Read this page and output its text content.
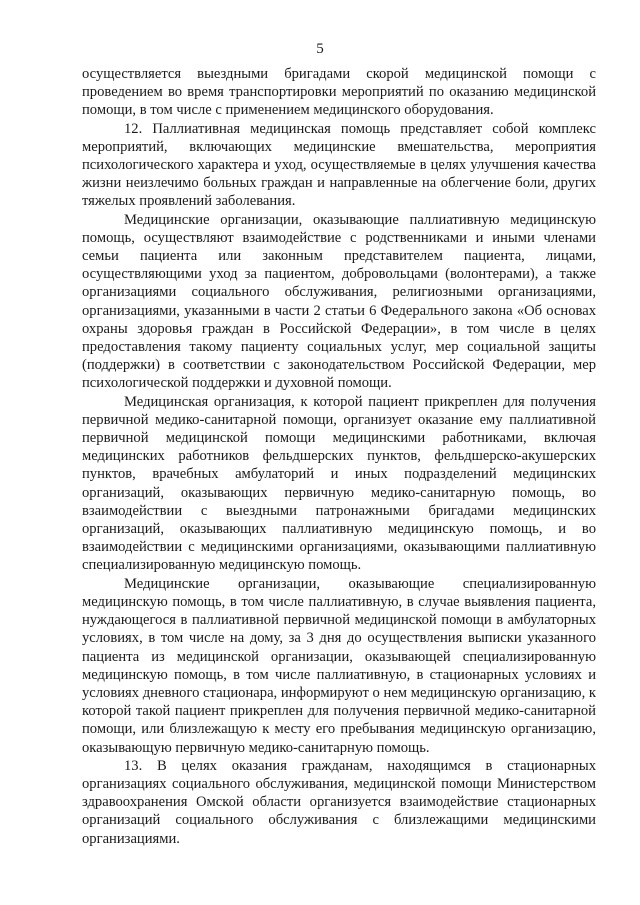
5

осуществляется выездными бригадами скорой медицинской помощи с проведением во время транспортировки мероприятий по оказанию медицинской помощи, в том числе с применением медицинского оборудования.

12. Паллиативная медицинская помощь представляет собой комплекс мероприятий, включающих медицинские вмешательства, мероприятия психологического характера и уход, осуществляемые в целях улучшения качества жизни неизлечимо больных граждан и направленные на облегчение боли, других тяжелых проявлений заболевания.

Медицинские организации, оказывающие паллиативную медицинскую помощь, осуществляют взаимодействие с родственниками и иными членами семьи пациента или законным представителем пациента, лицами, осуществляющими уход за пациентом, добровольцами (волонтерами), а также организациями социального обслуживания, религиозными организациями, организациями, указанными в части 2 статьи 6 Федерального закона «Об основах охраны здоровья граждан в Российской Федерации», в том числе в целях предоставления такому пациенту социальных услуг, мер социальной защиты (поддержки) в соответствии с законодательством Российской Федерации, мер психологической поддержки и духовной помощи.

Медицинская организация, к которой пациент прикреплен для получения первичной медико-санитарной помощи, организует оказание ему паллиативной первичной медицинской помощи медицинскими работниками, включая медицинских работников фельдшерских пунктов, фельдшерско-акушерских пунктов, врачебных амбулаторий и иных подразделений медицинских организаций, оказывающих первичную медико-санитарную помощь, во взаимодействии с выездными патронажными бригадами медицинских организаций, оказывающих паллиативную медицинскую помощь, и во взаимодействии с медицинскими организациями, оказывающими паллиативную специализированную медицинскую помощь.

Медицинские организации, оказывающие специализированную медицинскую помощь, в том числе паллиативную, в случае выявления пациента, нуждающегося в паллиативной первичной медицинской помощи в амбулаторных условиях, в том числе на дому, за 3 дня до осуществления выписки указанного пациента из медицинской организации, оказывающей специализированную медицинскую помощь, в том числе паллиативную, в стационарных условиях и условиях дневного стационара, информируют о нем медицинскую организацию, к которой такой пациент прикреплен для получения первичной медико-санитарной помощи, или близлежащую к месту его пребывания медицинскую организацию, оказывающую первичную медико-санитарную помощь.

13. В целях оказания гражданам, находящимся в стационарных организациях социального обслуживания, медицинской помощи Министерством здравоохранения Омской области организуется взаимодействие стационарных организаций социального обслуживания с близлежащими медицинскими организациями.
